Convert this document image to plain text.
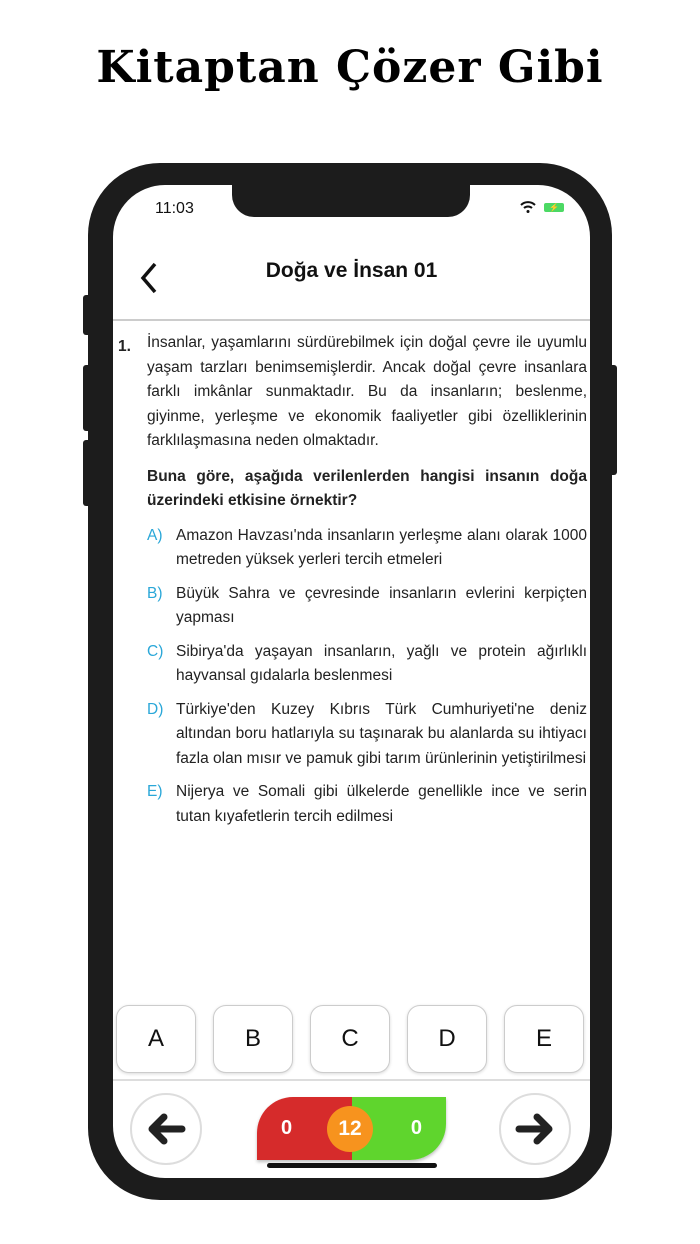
Kitaptan Çözer Gibi
11:03	⚡
Doğa ve İnsan 01
1. İnsanlar, yaşamlarını sürdürebilmek için doğal çevre ile uyumlu yaşam tarzları benimsemişlerdir. Ancak doğal çevre insanlara farklı imkânlar sunmaktadır. Bu da insanların; beslenme, giyinme, yerleşme ve ekonomik faaliyetler gibi özelliklerinin farklılaşmasına neden olmaktadır.
Buna göre, aşağıda verilenlerden hangisi insanın doğa üzerindeki etkisine örnektir?
A) Amazon Havzası'nda insanların yerleşme alanı olarak 1000 metreden yüksek yerleri tercih etmeleri
B) Büyük Sahra ve çevresinde insanların evlerini kerpiçten yapması
C) Sibirya'da yaşayan insanların, yağlı ve protein ağırlıklı hayvansal gıdalarla beslenmesi
D) Türkiye'den Kuzey Kıbrıs Türk Cumhuriyeti'ne deniz altından boru hatlarıyla su taşınarak bu alanlarda su ihtiyacı fazla olan mısır ve pamuk gibi tarım ürünlerinin yetiştirilmesi
E) Nijerya ve Somali gibi ülkelerde genellikle ince ve serin tutan kıyafetlerin tercih edilmesi
A	B	C	D	E
0	0
12
